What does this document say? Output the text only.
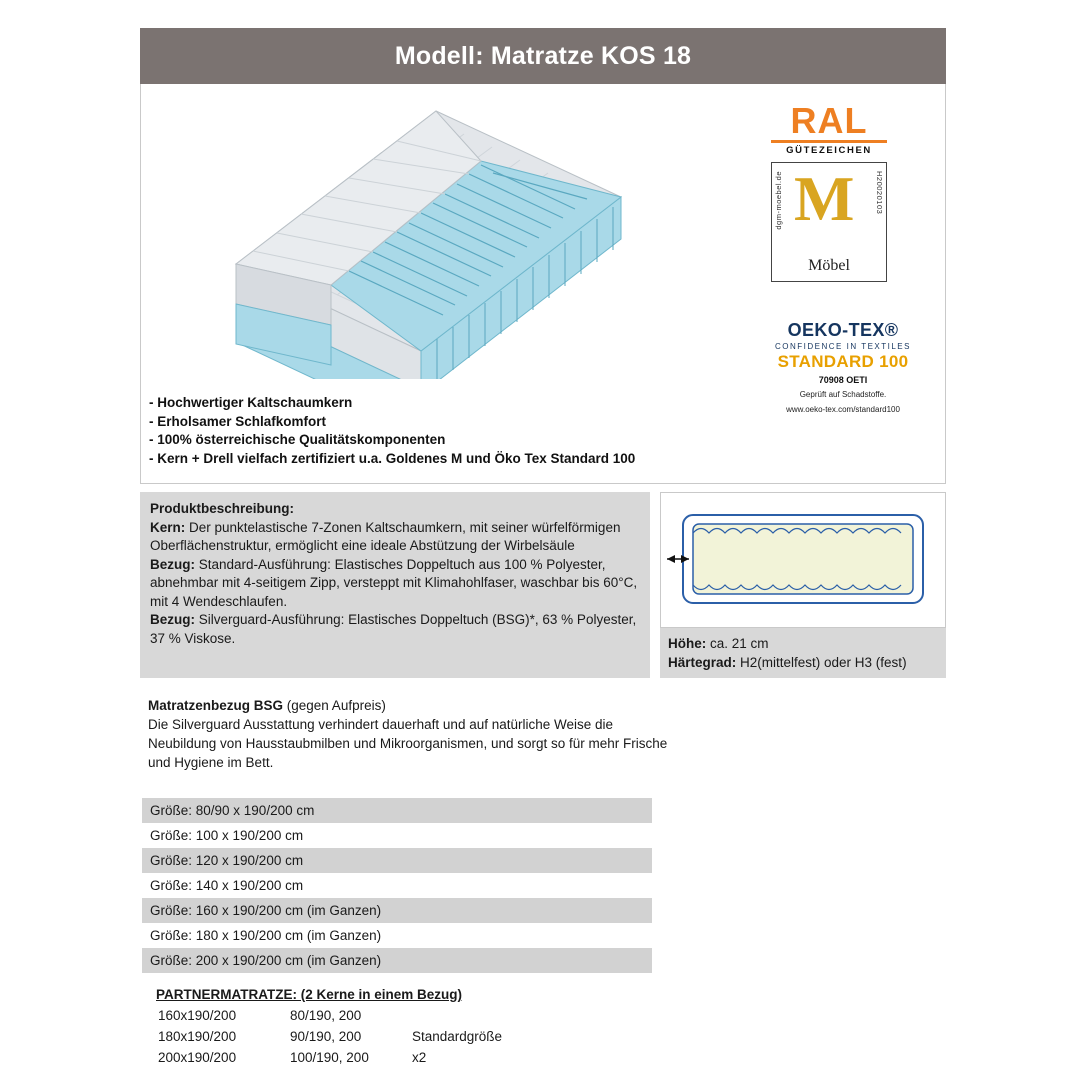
Modell: Matratze KOS 18
- Hochwertiger Kaltschaumkern
- Erholsamer Schlafkomfort
- 100% österreichische Qualitätskomponenten
- Kern + Drell vielfach zertifiziert u.a. Goldenes M und Öko Tex Standard 100
RAL
GÜTEZEICHEN
dgm-moebel.de	H20020103
M
Möbel
OEKO-TEX®
CONFIDENCE IN TEXTILES
STANDARD 100
70908 OETI
Geprüft auf Schadstoffe.
www.oeko-tex.com/standard100
Produktbeschreibung:
Kern: Der punktelastische 7-Zonen Kaltschaumkern, mit seiner würfelförmigen Oberflächenstruktur, ermöglicht eine ideale Abstützung der Wirbelsäule
Bezug: Standard-Ausführung: Elastisches Doppeltuch aus 100 % Polyester, abnehmbar mit 4-seitigem Zipp, versteppt mit Klimahohlfaser, waschbar bis 60°C, mit 4 Wendeschlaufen.
Bezug: Silverguard-Ausführung: Elastisches Doppeltuch (BSG)*, 63 % Polyester, 37 % Viskose.	Höhe: ca. 21 cm
Härtegrad: H2(mittelfest) oder H3 (fest)
Matratzenbezug BSG (gegen Aufpreis)
Die Silverguard Ausstattung verhindert dauerhaft und auf natürliche Weise die Neubildung von Hausstaubmilben und Mikroorganismen, und sorgt so für mehr Frische und Hygiene im Bett.
Größe: 80/90 x 190/200 cm
Größe: 100 x 190/200 cm
Größe: 120 x 190/200 cm
Größe: 140 x 190/200 cm
Größe: 160 x 190/200 cm (im Ganzen)
Größe: 180 x 190/200 cm (im Ganzen)
Größe: 200 x 190/200 cm (im Ganzen)
PARTNERMATRATZE: (2 Kerne in einem Bezug)
160x190/200	80/190, 200
180x190/200	90/190, 200	Standardgröße
200x190/200	100/190, 200	x2
